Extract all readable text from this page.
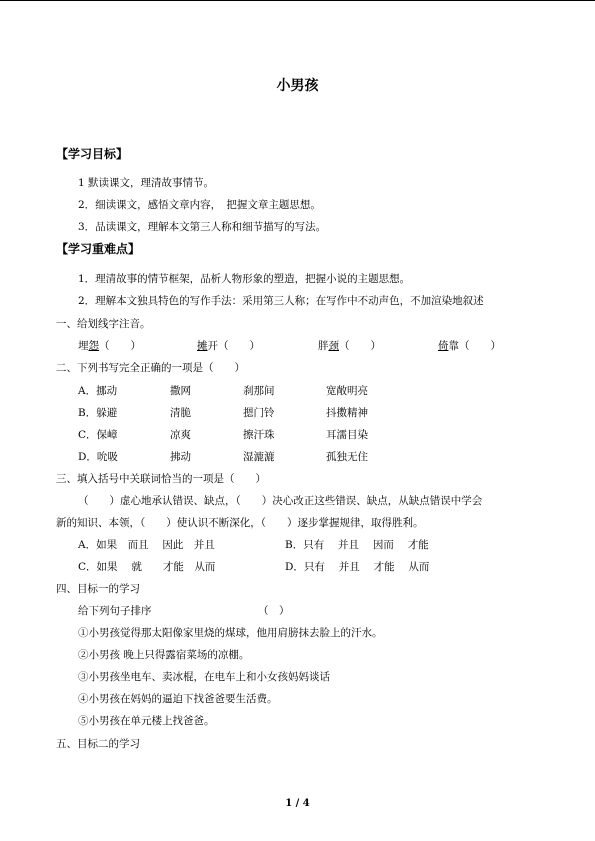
小男孩
【学习目标】
1 默读课文，理清故事情节。
2．细读课文，感悟文章内容，　把握文章主题思想。
3．品读课文，理解本文第三人称和细节描写的写法。
【学习重难点】
1．理清故事的情节框架，品析人物形象的塑造，把握小说的主题思想。
2．理解本文独具特色的写作手法：采用第三人称；在写作中不动声色，不加渲染地叙述
一、给划线字注音。
埋怨（　　）	摊开（　　）	胖颈（　　）	倚靠（　　）
二、下列书写完全正确的一项是（　　）
A．挪动	撒网	刹那间	宽敞明亮
B．躲避	清脆	摁门铃	抖擞精神
C．保嶂	凉爽	擦汗珠	耳濡目染
D．吮吸	拂动	湿漉漉	孤独无住
三、填入括号中关联词恰当的一项是（　　）
（　　）虚心地承认错误、缺点，（　　）决心改正这些错误、缺点，从缺点错误中学会
新的知识、本领，（　　）使认识不断深化，（　　）逐步掌握规律，取得胜利。
A．如果　而且　 因此　并且	B．只有　 并且　 因而　 才能
C．如果　 就　　才能　从而	D．只有　 并且　 才能　 从而
四、目标一的学习
给下列句子排序	（　）
①小男孩觉得那太阳像家里烧的煤球，他用肩膀抹去脸上的汗水。
②小男孩 晚上只得露宿菜场的凉棚。
③小男孩坐电车、卖冰棍，在电车上和小女孩妈妈谈话
④小男孩在妈妈的逼迫下找爸爸要生活费。
⑤小男孩在单元楼上找爸爸。
五、目标二的学习
1 / 4
